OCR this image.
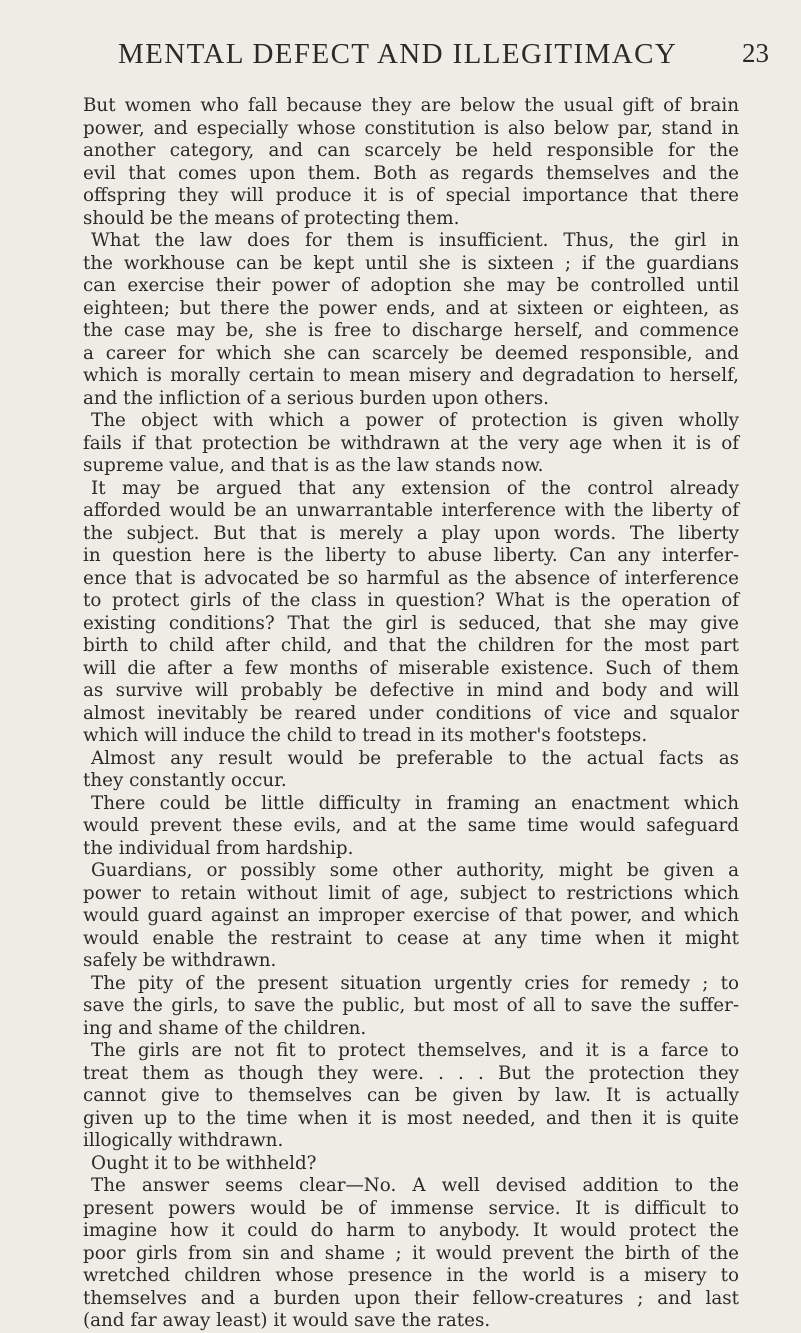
MENTAL DEFECT AND ILLEGITIMACY 23
But women who fall because they are below the usual gift of brain
power, and especially whose constitution is also below par, stand in
another category, and can scarcely be held responsible for the
evil that comes upon them. Both as regards themselves and the
offspring they will produce it is of special importance that there
should be the means of protecting them.
What the law does for them is insufficient. Thus, the girl in
the workhouse can be kept until she is sixteen ; if the guardians
can exercise their power of adoption she may be controlled until
eighteen; but there the power ends, and at sixteen or eighteen, as
the case may be, she is free to discharge herself, and commence
a career for which she can scarcely be deemed responsible, and
which is morally certain to mean misery and degradation to herself,
and the infliction of a serious burden upon others.
The object with which a power of protection is given wholly
fails if that protection be withdrawn at the very age when it is of
supreme value, and that is as the law stands now.
It may be argued that any extension of the control already
afforded would be an unwarrantable interference with the liberty of
the subject. But that is merely a play upon words. The liberty
in question here is the liberty to abuse liberty. Can any interfer-
ence that is advocated be so harmful as the absence of interference
to protect girls of the class in question? What is the operation of
existing conditions? That the girl is seduced, that she may give
birth to child after child, and that the children for the most part
will die after a few months of miserable existence. Such of them
as survive will probably be defective in mind and body and will
almost inevitably be reared under conditions of vice and squalor
which will induce the child to tread in its mother's footsteps.
Almost any result would be preferable to the actual facts as
they constantly occur.
There could be little difficulty in framing an enactment which
would prevent these evils, and at the same time would safeguard
the individual from hardship.
Guardians, or possibly some other authority, might be given a
power to retain without limit of age, subject to restrictions which
would guard against an improper exercise of that power, and which
would enable the restraint to cease at any time when it might
safely be withdrawn.
The pity of the present situation urgently cries for remedy ; to
save the girls, to save the public, but most of all to save the suffer-
ing and shame of the children.
The girls are not fit to protect themselves, and it is a farce to
treat them as though they were. . . . But the protection they
cannot give to themselves can be given by law. It is actually
given up to the time when it is most needed, and then it is quite
illogically withdrawn.
Ought it to be withheld?
The answer seems clear—No. A well devised addition to the
present powers would be of immense service. It is difficult to
imagine how it could do harm to anybody. It would protect the
poor girls from sin and shame ; it would prevent the birth of the
wretched children whose presence in the world is a misery to
themselves and a burden upon their fellow-creatures ; and last
(and far away least) it would save the rates.
